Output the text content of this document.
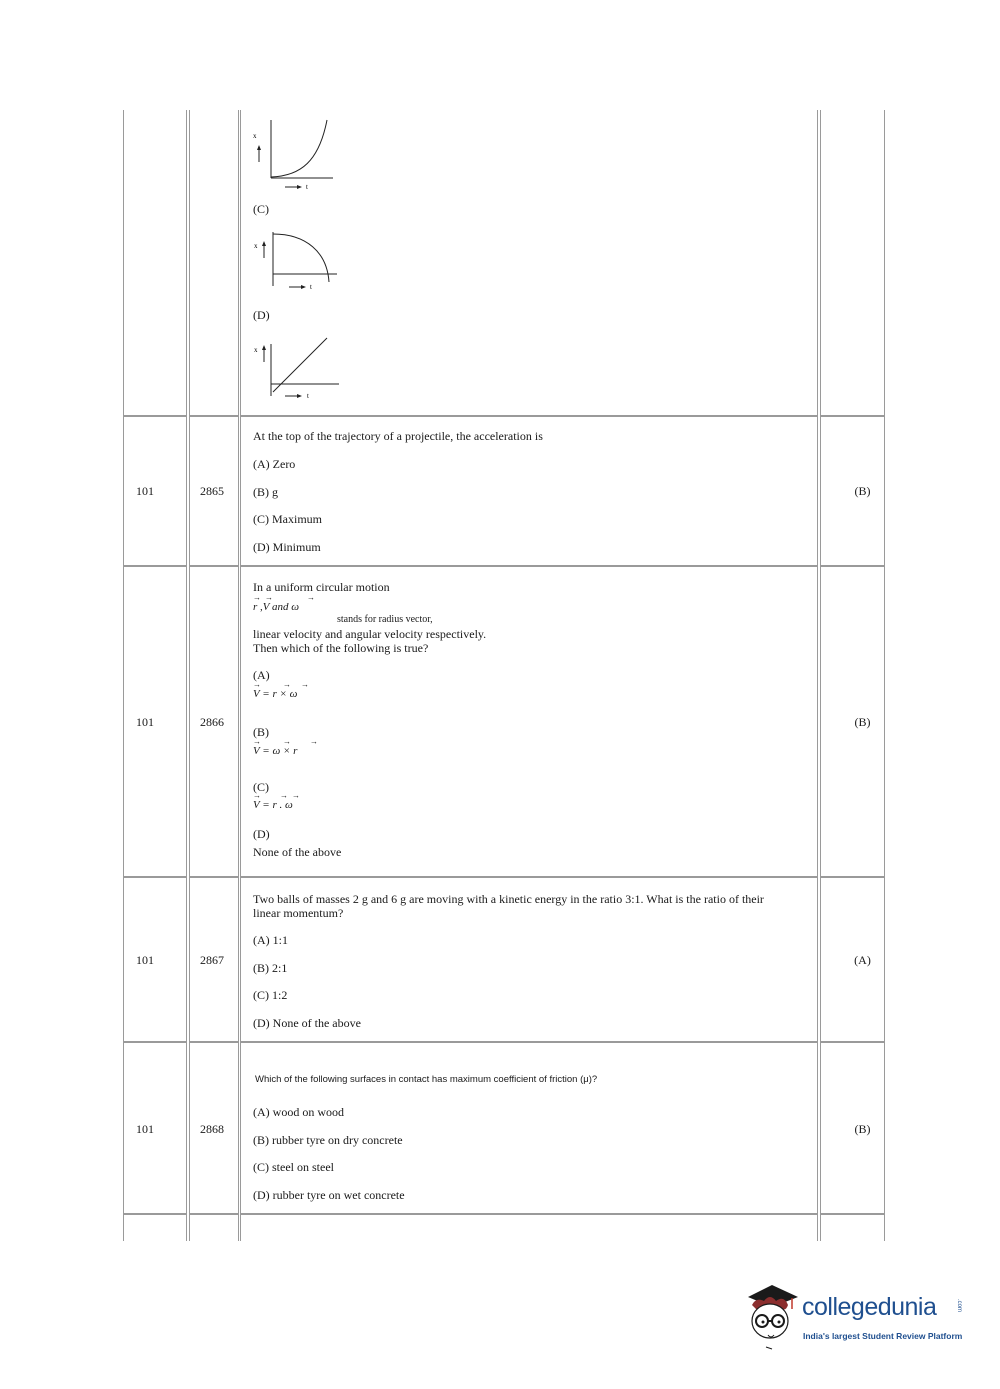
x
t
(C)
x
t
(D)
x
t
101	2865
At the top of the trajectory of a projectile, the acceleration is
(A) Zero
(B) g
(C) Maximum
(D) Minimum
(B)
101	2866
In a uniform circular motion
→ →           →
r ,V and ω
stands for radius vector,
linear velocity and angular velocity respectively.
Then which of the following is true?
(A)
→       →   →
V = r × ω
(B)
→       →      →
V = ω × r
(C)
→      → →
V = r . ω
(D)
None of the above
(B)
101	2867
Two balls of masses 2 g and 6 g are moving with a kinetic energy in the ratio 3:1. What is the ratio of their
linear momentum?
(A) 1:1
(B) 2:1
(C) 1:2
(D) None of the above
(A)
101	2868
Which of the following surfaces in contact has maximum coefficient of friction (μ)?
(A) wood on wood
(B) rubber tyre on dry concrete
(C) steel on steel
(D) rubber tyre on wet concrete
(B)
collegedunia	.com
India's largest Student Review Platform
